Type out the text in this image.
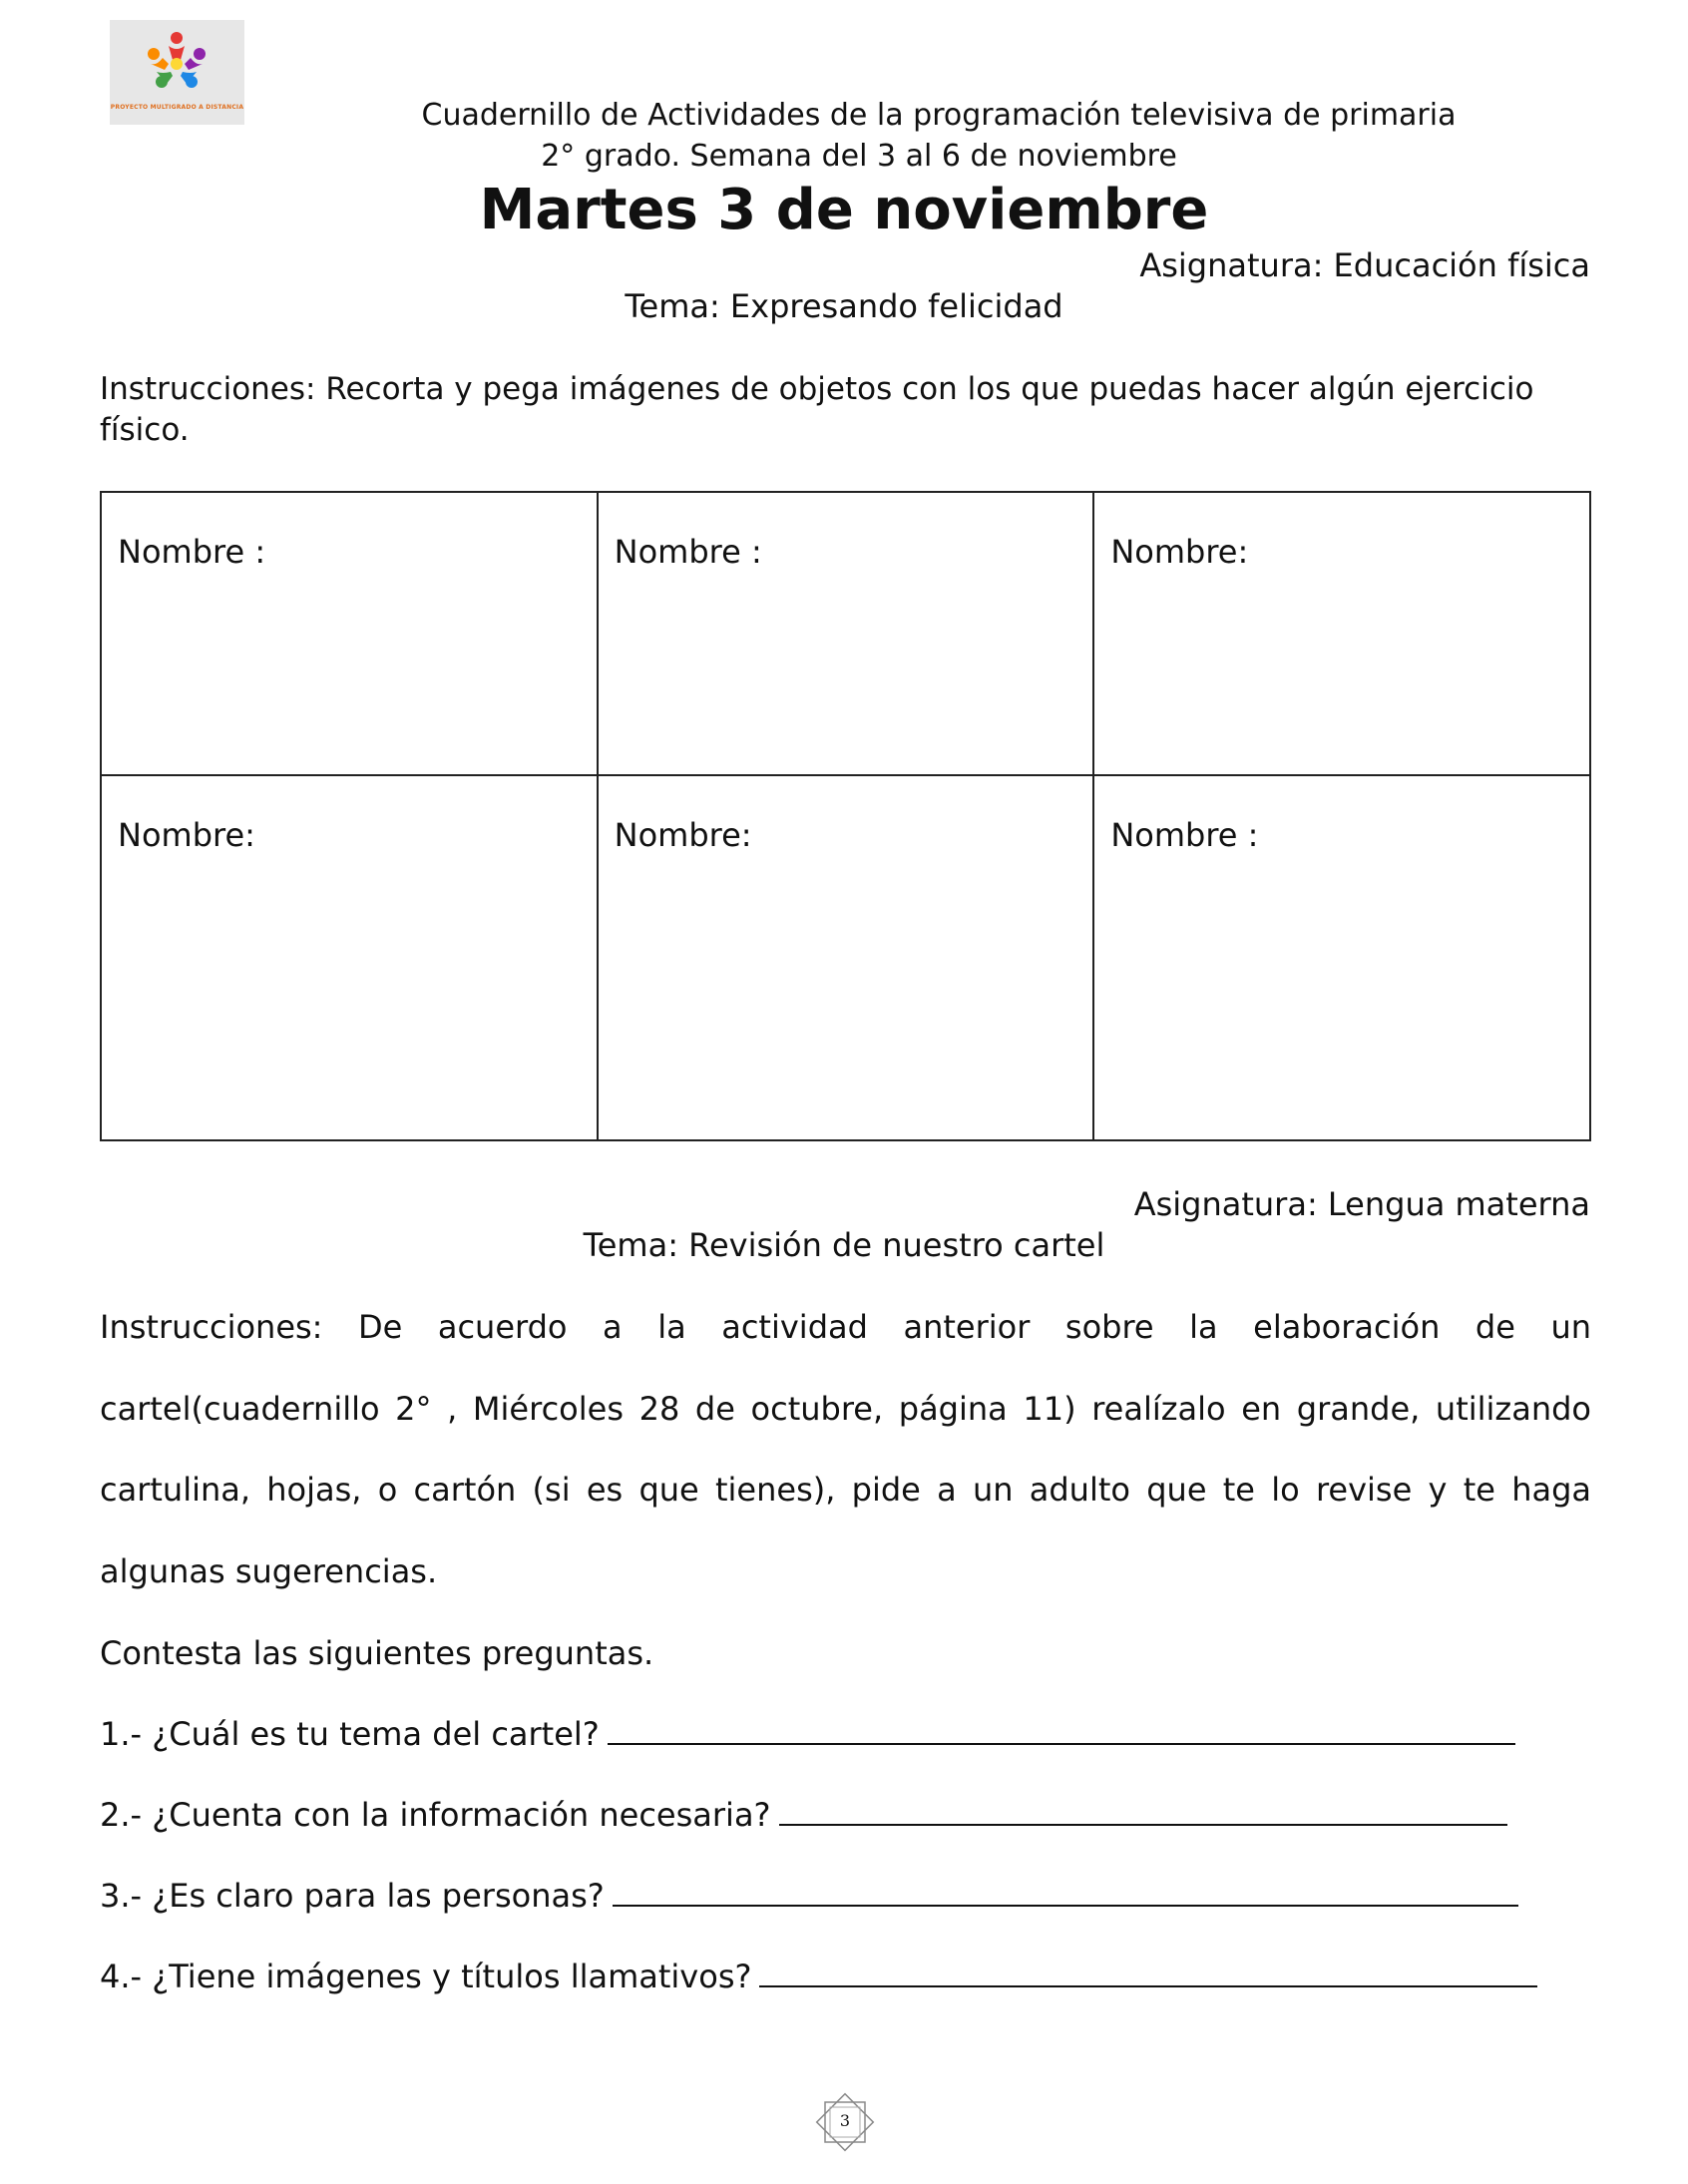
PROYECTO MULTIGRADO A DISTANCIA	Cuadernillo de Actividades de la programación televisiva de primaria
2° grado. Semana del 3 al 6 de noviembre
Martes 3 de noviembre
Asignatura: Educación física
Tema: Expresando felicidad
Instrucciones: Recorta y pega imágenes de objetos con los que puedas hacer algún ejercicio físico.
Nombre :	Nombre :	Nombre:

Nombre:	Nombre:	Nombre :
Asignatura: Lengua materna
Tema: Revisión de nuestro cartel
Instrucciones: De acuerdo a la actividad anterior sobre la elaboración de un cartel(cuadernillo 2° , Miércoles 28 de octubre, página 11) realízalo en grande, utilizando cartulina, hojas, o cartón (si es que tienes), pide a un adulto que te lo revise y te haga algunas sugerencias.
Contesta las siguientes preguntas.
1.- ¿Cuál es tu tema del cartel?
2.- ¿Cuenta con la información necesaria?
3.- ¿Es claro para las personas?
4.- ¿Tiene imágenes y títulos llamativos?
3
